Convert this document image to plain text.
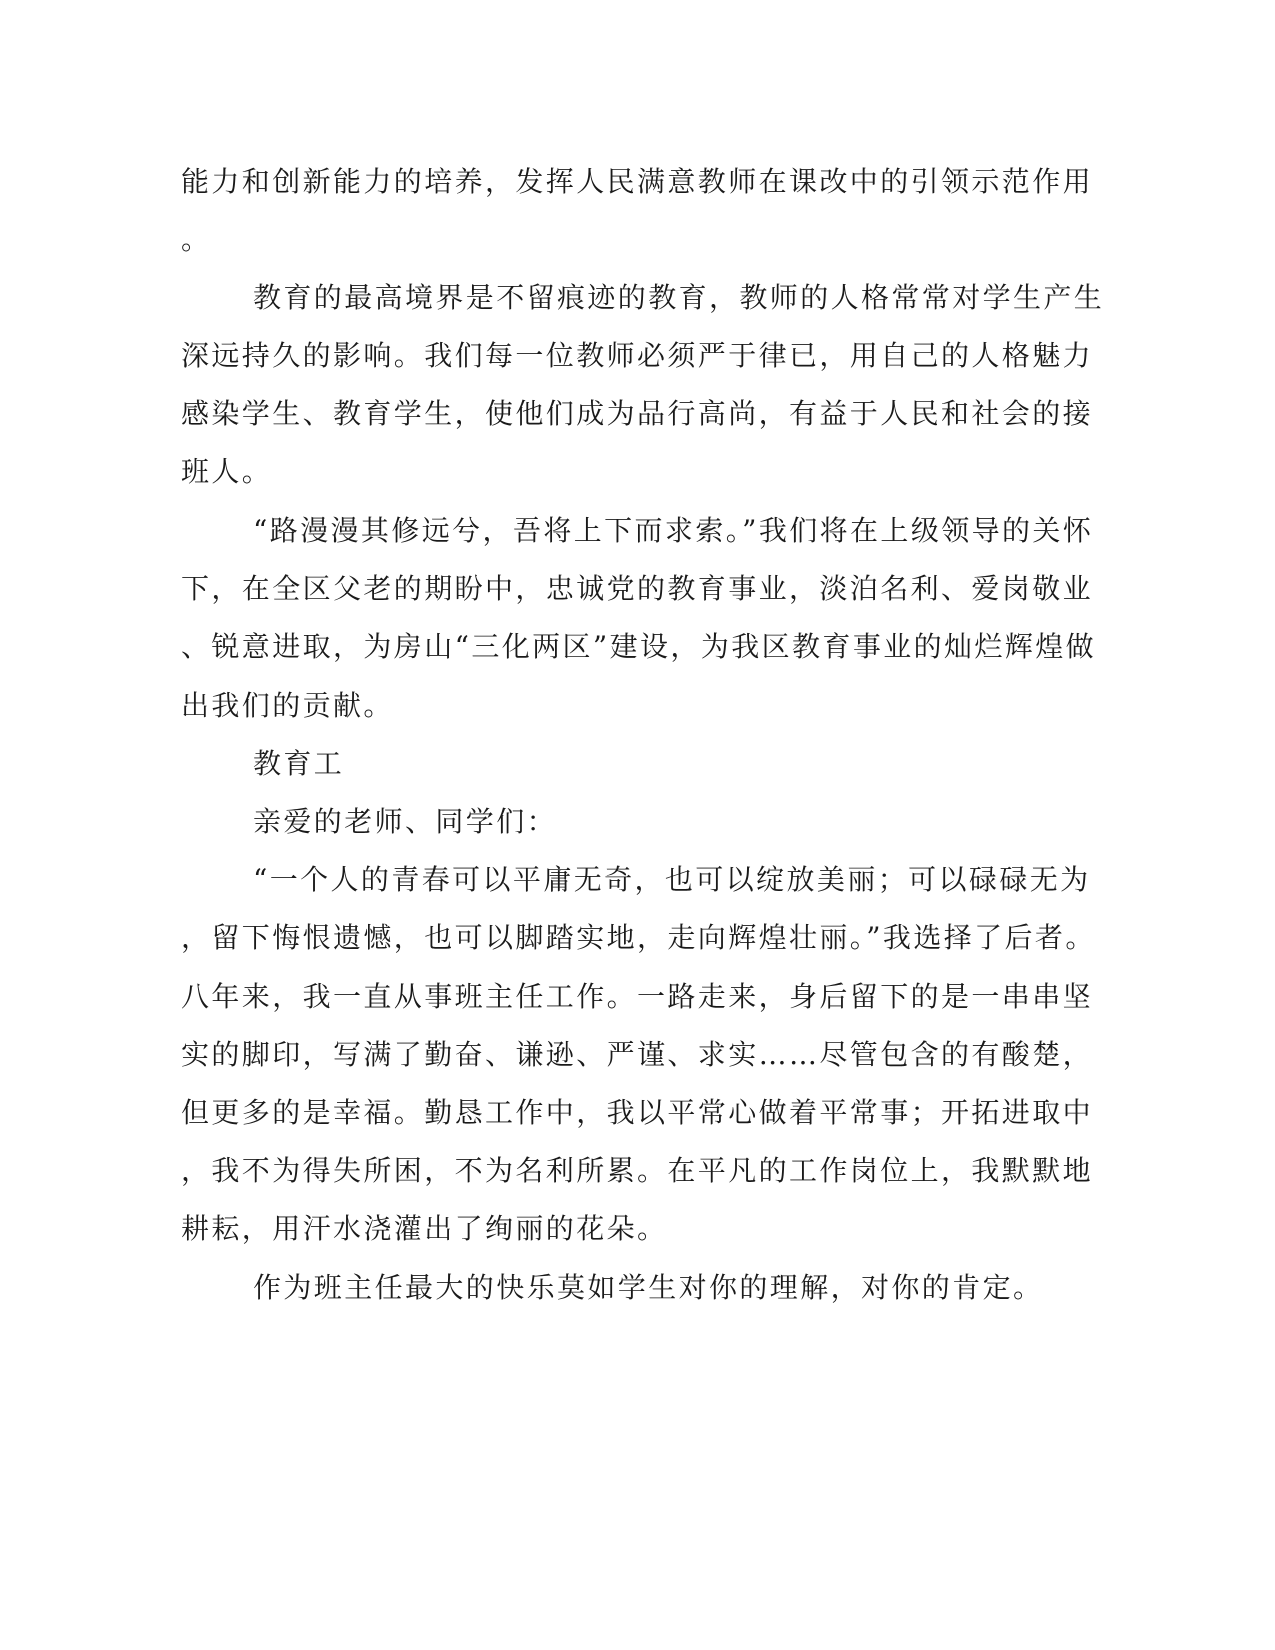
能力和创新能力的培养，发挥人民满意教师在课改中的引领示范作用
。
教育的最高境界是不留痕迹的教育，教师的人格常常对学生产生
深远持久的影响。我们每一位教师必须严于律已，用自己的人格魅力
感染学生、教育学生，使他们成为品行高尚，有益于人民和社会的接
班人。
“路漫漫其修远兮，吾将上下而求索。”我们将在上级领导的关怀
下，在全区父老的期盼中，忠诚党的教育事业，淡泊名利、爱岗敬业
、锐意进取，为房山“三化两区”建设，为我区教育事业的灿烂辉煌做
出我们的贡献。
教育工
亲爱的老师、同学们：
“一个人的青春可以平庸无奇，也可以绽放美丽；可以碌碌无为
，留下悔恨遗憾，也可以脚踏实地，走向辉煌壮丽。”我选择了后者。
八年来，我一直从事班主任工作。一路走来，身后留下的是一串串坚
实的脚印，写满了勤奋、谦逊、严谨、求实……尽管包含的有酸楚，
但更多的是幸福。勤恳工作中，我以平常心做着平常事；开拓进取中
，我不为得失所困，不为名利所累。在平凡的工作岗位上，我默默地
耕耘，用汗水浇灌出了绚丽的花朵。
作为班主任最大的快乐莫如学生对你的理解，对你的肯定。
